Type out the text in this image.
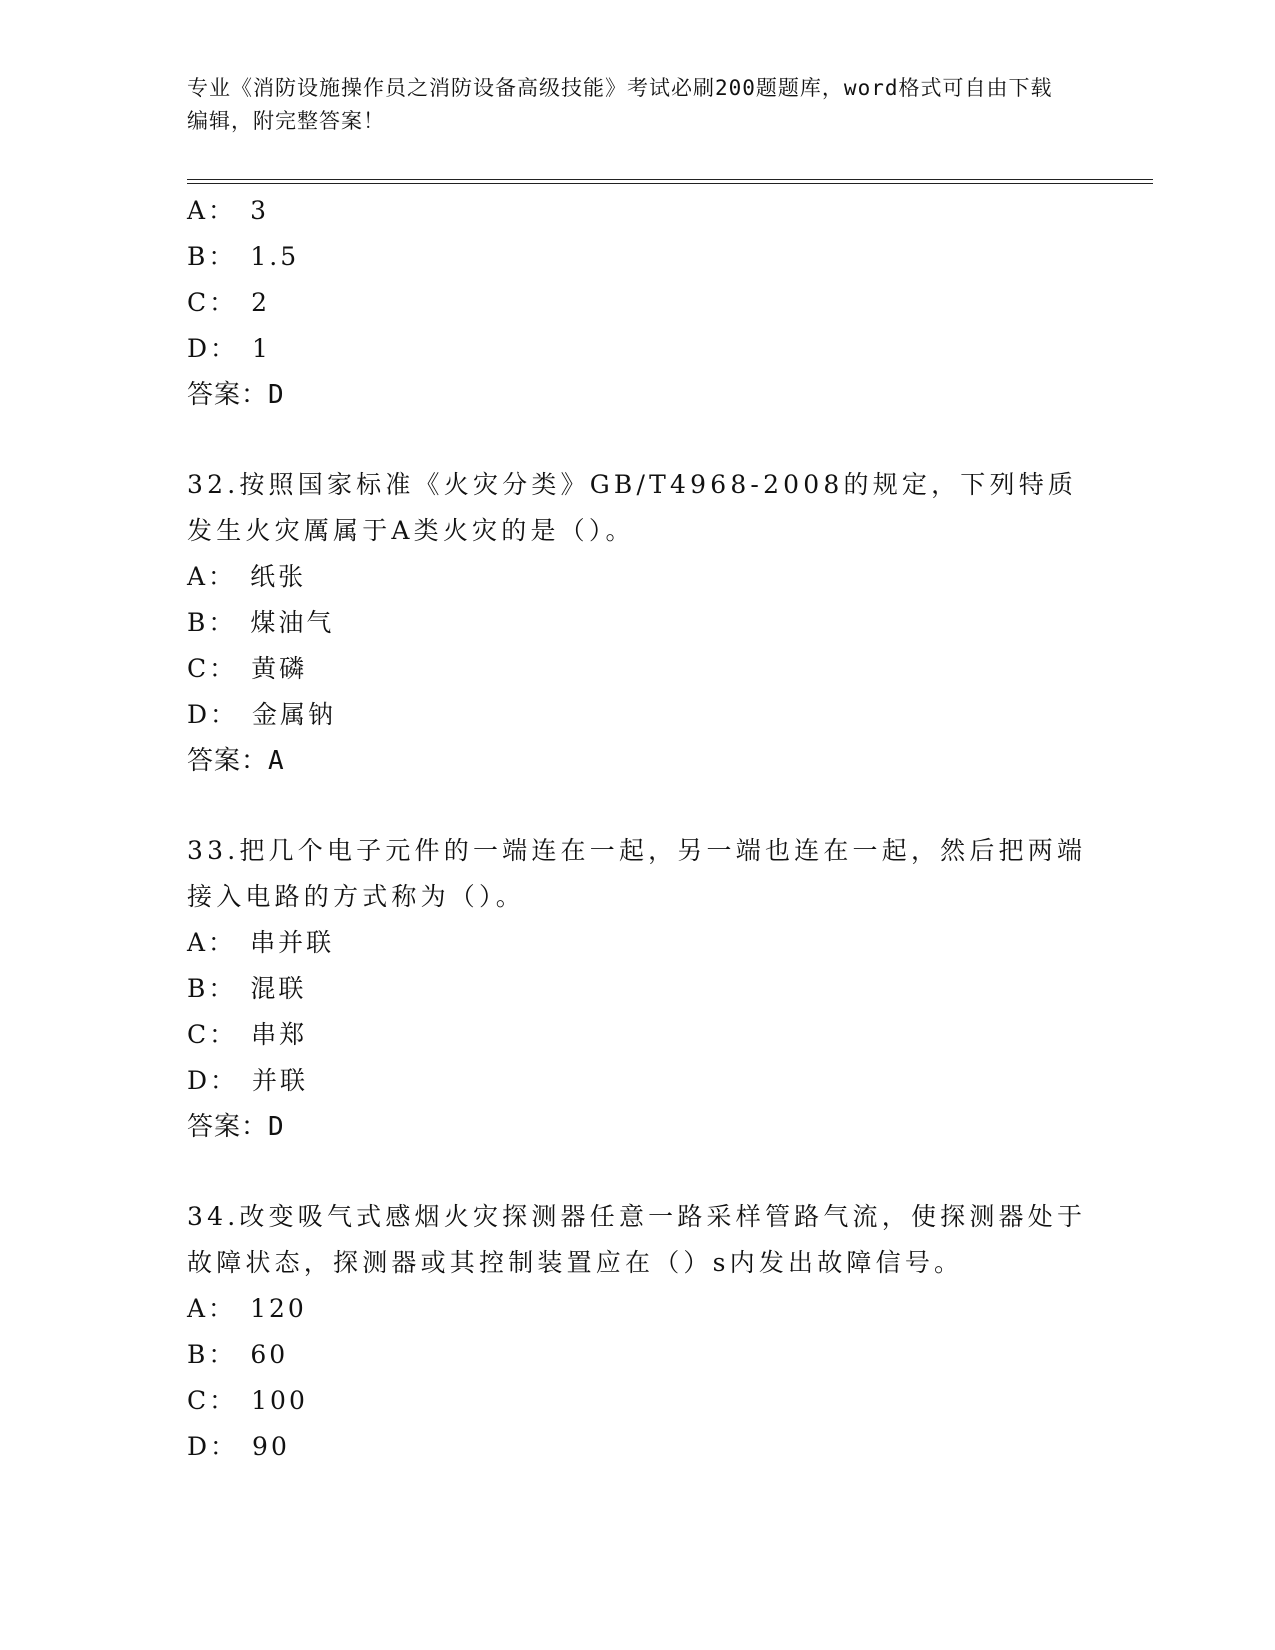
专业《消防设施操作员之消防设备高级技能》考试必刷200题题库，word格式可自由下载编辑，附完整答案！
A： 3
B： 1.5
C： 2
D： 1
答案：D
32.按照国家标准《火灾分类》GB/T4968-2008的规定，下列特质发生火灾厲属于A类火灾的是（）。
A： 纸张
B： 煤油气
C： 黄磷
D： 金属钠
答案：A
33.把几个电子元件的一端连在一起，另一端也连在一起，然后把两端接入电路的方式称为（）。
A： 串并联
B： 混联
C： 串郑
D： 并联
答案：D
34.改变吸气式感烟火灾探测器任意一路采样管路气流，使探测器处于故障状态，探测器或其控制装置应在（）s内发出故障信号。
A： 120
B： 60
C： 100
D： 90
